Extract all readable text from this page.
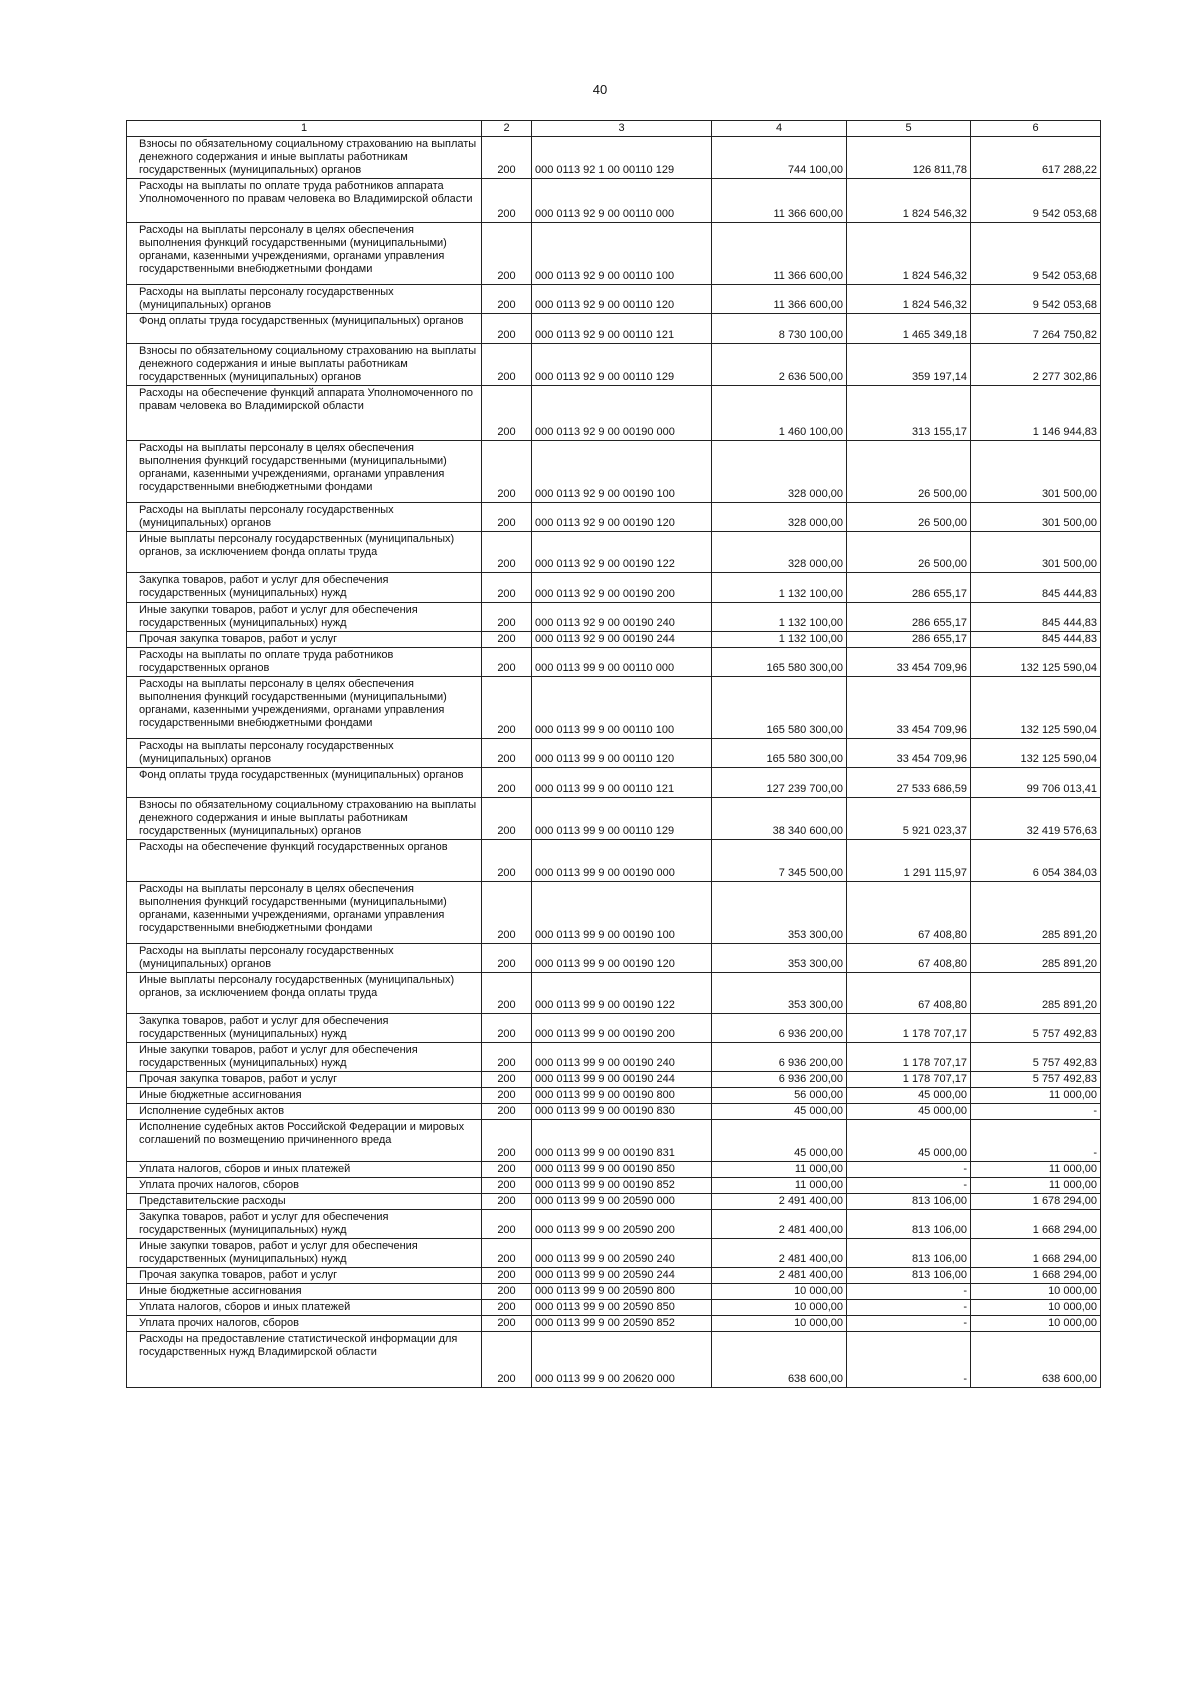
40
1	2	3	4	5	6

Взносы по обязательному социальному страхованию на выплаты денежного содержания и иные выплаты работникам государственных (муниципальных) органов	200	000 0113 92 1 00 00110 129	744 100,00	126 811,78	617 288,22

Расходы на выплаты по оплате труда работников аппарата Уполномоченного по правам человека во Владимирской области	200	000 0113 92 9 00 00110 000	11 366 600,00	1 824 546,32	9 542 053,68

Расходы на выплаты персоналу в целях обеспечения выполнения функций государственными (муниципальными) органами, казенными учреждениями, органами управления государственными внебюджетными фондами	200	000 0113 92 9 00 00110 100	11 366 600,00	1 824 546,32	9 542 053,68

Расходы на выплаты персоналу государственных (муниципальных) органов	200	000 0113 92 9 00 00110 120	11 366 600,00	1 824 546,32	9 542 053,68

Фонд оплаты труда государственных (муниципальных) органов	200	000 0113 92 9 00 00110 121	8 730 100,00	1 465 349,18	7 264 750,82

Взносы по обязательному социальному страхованию на выплаты денежного содержания и иные выплаты работникам государственных (муниципальных) органов	200	000 0113 92 9 00 00110 129	2 636 500,00	359 197,14	2 277 302,86

Расходы на обеспечение функций аппарата Уполномоченного по правам человека во Владимирской области	200	000 0113 92 9 00 00190 000	1 460 100,00	313 155,17	1 146 944,83

Расходы на выплаты персоналу в целях обеспечения выполнения функций государственными (муниципальными) органами, казенными учреждениями, органами управления государственными внебюджетными фондами	200	000 0113 92 9 00 00190 100	328 000,00	26 500,00	301 500,00

Расходы на выплаты персоналу государственных (муниципальных) органов	200	000 0113 92 9 00 00190 120	328 000,00	26 500,00	301 500,00

Иные выплаты персоналу государственных (муниципальных) органов, за исключением фонда оплаты труда	200	000 0113 92 9 00 00190 122	328 000,00	26 500,00	301 500,00

Закупка товаров, работ и услуг для обеспечения государственных (муниципальных) нужд	200	000 0113 92 9 00 00190 200	1 132 100,00	286 655,17	845 444,83

Иные закупки товаров, работ и услуг для обеспечения государственных (муниципальных) нужд	200	000 0113 92 9 00 00190 240	1 132 100,00	286 655,17	845 444,83

Прочая закупка товаров, работ и услуг	200	000 0113 92 9 00 00190 244	1 132 100,00	286 655,17	845 444,83

Расходы на выплаты по оплате труда работников государственных органов	200	000 0113 99 9 00 00110 000	165 580 300,00	33 454 709,96	132 125 590,04

Расходы на выплаты персоналу в целях обеспечения выполнения функций государственными (муниципальными) органами, казенными учреждениями, органами управления государственными внебюджетными фондами	200	000 0113 99 9 00 00110 100	165 580 300,00	33 454 709,96	132 125 590,04

Расходы на выплаты персоналу государственных (муниципальных) органов	200	000 0113 99 9 00 00110 120	165 580 300,00	33 454 709,96	132 125 590,04

Фонд оплаты труда государственных (муниципальных) органов	200	000 0113 99 9 00 00110 121	127 239 700,00	27 533 686,59	99 706 013,41

Взносы по обязательному социальному страхованию на выплаты денежного содержания и иные выплаты работникам государственных (муниципальных) органов	200	000 0113 99 9 00 00110 129	38 340 600,00	5 921 023,37	32 419 576,63

Расходы на обеспечение функций государственных органов	200	000 0113 99 9 00 00190 000	7 345 500,00	1 291 115,97	6 054 384,03

Расходы на выплаты персоналу в целях обеспечения выполнения функций государственными (муниципальными) органами, казенными учреждениями, органами управления государственными внебюджетными фондами	200	000 0113 99 9 00 00190 100	353 300,00	67 408,80	285 891,20

Расходы на выплаты персоналу государственных (муниципальных) органов	200	000 0113 99 9 00 00190 120	353 300,00	67 408,80	285 891,20

Иные выплаты персоналу государственных (муниципальных) органов, за исключением фонда оплаты труда	200	000 0113 99 9 00 00190 122	353 300,00	67 408,80	285 891,20

Закупка товаров, работ и услуг для обеспечения государственных (муниципальных) нужд	200	000 0113 99 9 00 00190 200	6 936 200,00	1 178 707,17	5 757 492,83

Иные закупки товаров, работ и услуг для обеспечения государственных (муниципальных) нужд	200	000 0113 99 9 00 00190 240	6 936 200,00	1 178 707,17	5 757 492,83

Прочая закупка товаров, работ и услуг	200	000 0113 99 9 00 00190 244	6 936 200,00	1 178 707,17	5 757 492,83

Иные бюджетные ассигнования	200	000 0113 99 9 00 00190 800	56 000,00	45 000,00	11 000,00

Исполнение судебных актов	200	000 0113 99 9 00 00190 830	45 000,00	45 000,00	-

Исполнение судебных актов Российской Федерации и мировых соглашений по возмещению причиненного вреда	200	000 0113 99 9 00 00190 831	45 000,00	45 000,00	-

Уплата налогов, сборов и иных платежей	200	000 0113 99 9 00 00190 850	11 000,00	-	11 000,00

Уплата прочих налогов, сборов	200	000 0113 99 9 00 00190 852	11 000,00	-	11 000,00

Представительские расходы	200	000 0113 99 9 00 20590 000	2 491 400,00	813 106,00	1 678 294,00

Закупка товаров, работ и услуг для обеспечения государственных (муниципальных) нужд	200	000 0113 99 9 00 20590 200	2 481 400,00	813 106,00	1 668 294,00

Иные закупки товаров, работ и услуг для обеспечения государственных (муниципальных) нужд	200	000 0113 99 9 00 20590 240	2 481 400,00	813 106,00	1 668 294,00

Прочая закупка товаров, работ и услуг	200	000 0113 99 9 00 20590 244	2 481 400,00	813 106,00	1 668 294,00

Иные бюджетные ассигнования	200	000 0113 99 9 00 20590 800	10 000,00	-	10 000,00

Уплата налогов, сборов и иных платежей	200	000 0113 99 9 00 20590 850	10 000,00	-	10 000,00

Уплата прочих налогов, сборов	200	000 0113 99 9 00 20590 852	10 000,00	-	10 000,00

Расходы на предоставление статистической информации для государственных нужд Владимирской области	200	000 0113 99 9 00 20620 000	638 600,00	-	638 600,00
